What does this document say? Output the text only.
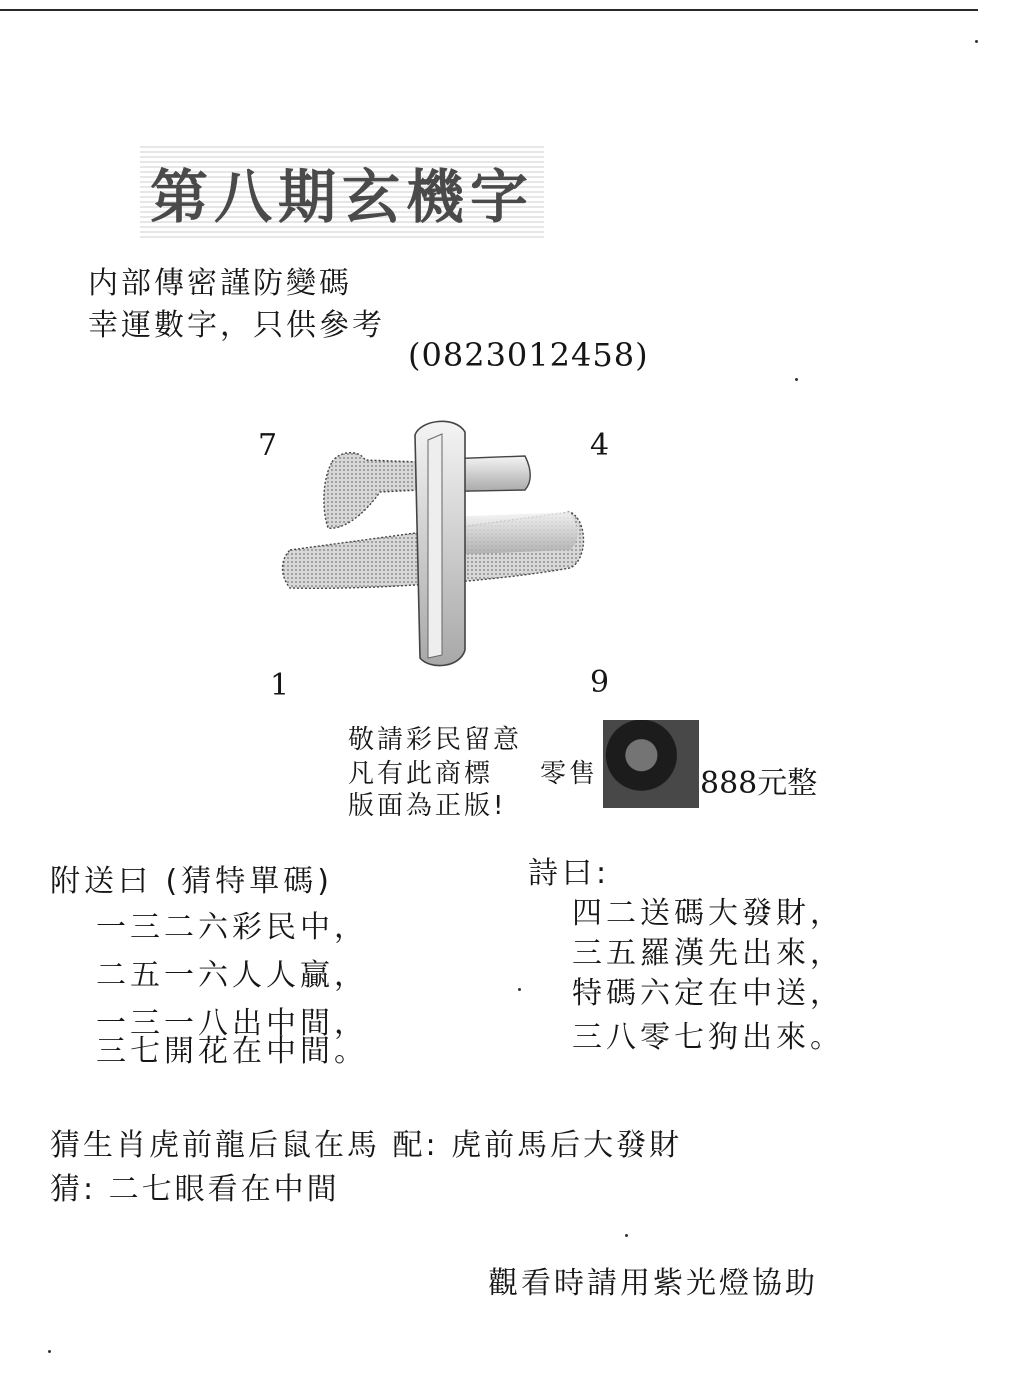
第八期玄機字
内部傳密謹防變碼
幸運數字，只供參考
(0823012458)
7	4
1	9
敬請彩民留意
凡有此商標 零售
版面為正版!
888元整
附送曰 (猜特單碼)
一三二六彩民中，
二五一六人人贏，
一三一八出中間，
三七開花在中間。
詩曰:
四二送碼大發財，
三五羅漢先出來，
特碼六定在中送，
三八零七狗出來。
猜生肖虎前龍后鼠在馬 配: 虎前馬后大發財
猜: 二七眼看在中間
觀看時請用紫光燈協助
